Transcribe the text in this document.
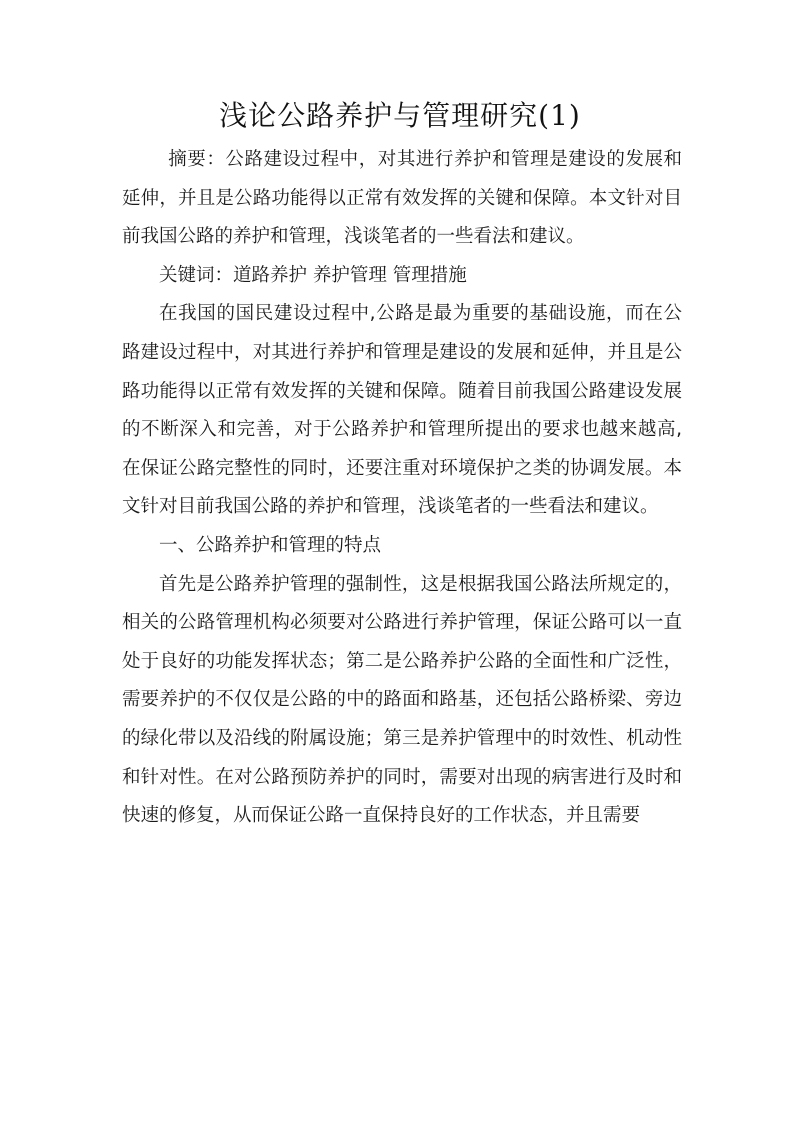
浅论公路养护与管理研究(1)

摘要：公路建设过程中，对其进行养护和管理是建设的发展和延伸，并且是公路功能得以正常有效发挥的关键和保障。本文针对目前我国公路的养护和管理，浅谈笔者的一些看法和建议。

关键词：道路养护 养护管理 管理措施

在我国的国民建设过程中,公路是最为重要的基础设施，而在公路建设过程中，对其进行养护和管理是建设的发展和延伸，并且是公路功能得以正常有效发挥的关键和保障。随着目前我国公路建设发展的不断深入和完善，对于公路养护和管理所提出的要求也越来越高,在保证公路完整性的同时，还要注重对环境保护之类的协调发展。本文针对目前我国公路的养护和管理，浅谈笔者的一些看法和建议。

一、公路养护和管理的特点

首先是公路养护管理的强制性，这是根据我国公路法所规定的，相关的公路管理机构必须要对公路进行养护管理，保证公路可以一直处于良好的功能发挥状态；第二是公路养护公路的全面性和广泛性，需要养护的不仅仅是公路的中的路面和路基，还包括公路桥梁、旁边的绿化带以及沿线的附属设施；第三是养护管理中的时效性、机动性和针对性。在对公路预防养护的同时，需要对出现的病害进行及时和快速的修复，从而保证公路一直保持良好的工作状态，并且需要
